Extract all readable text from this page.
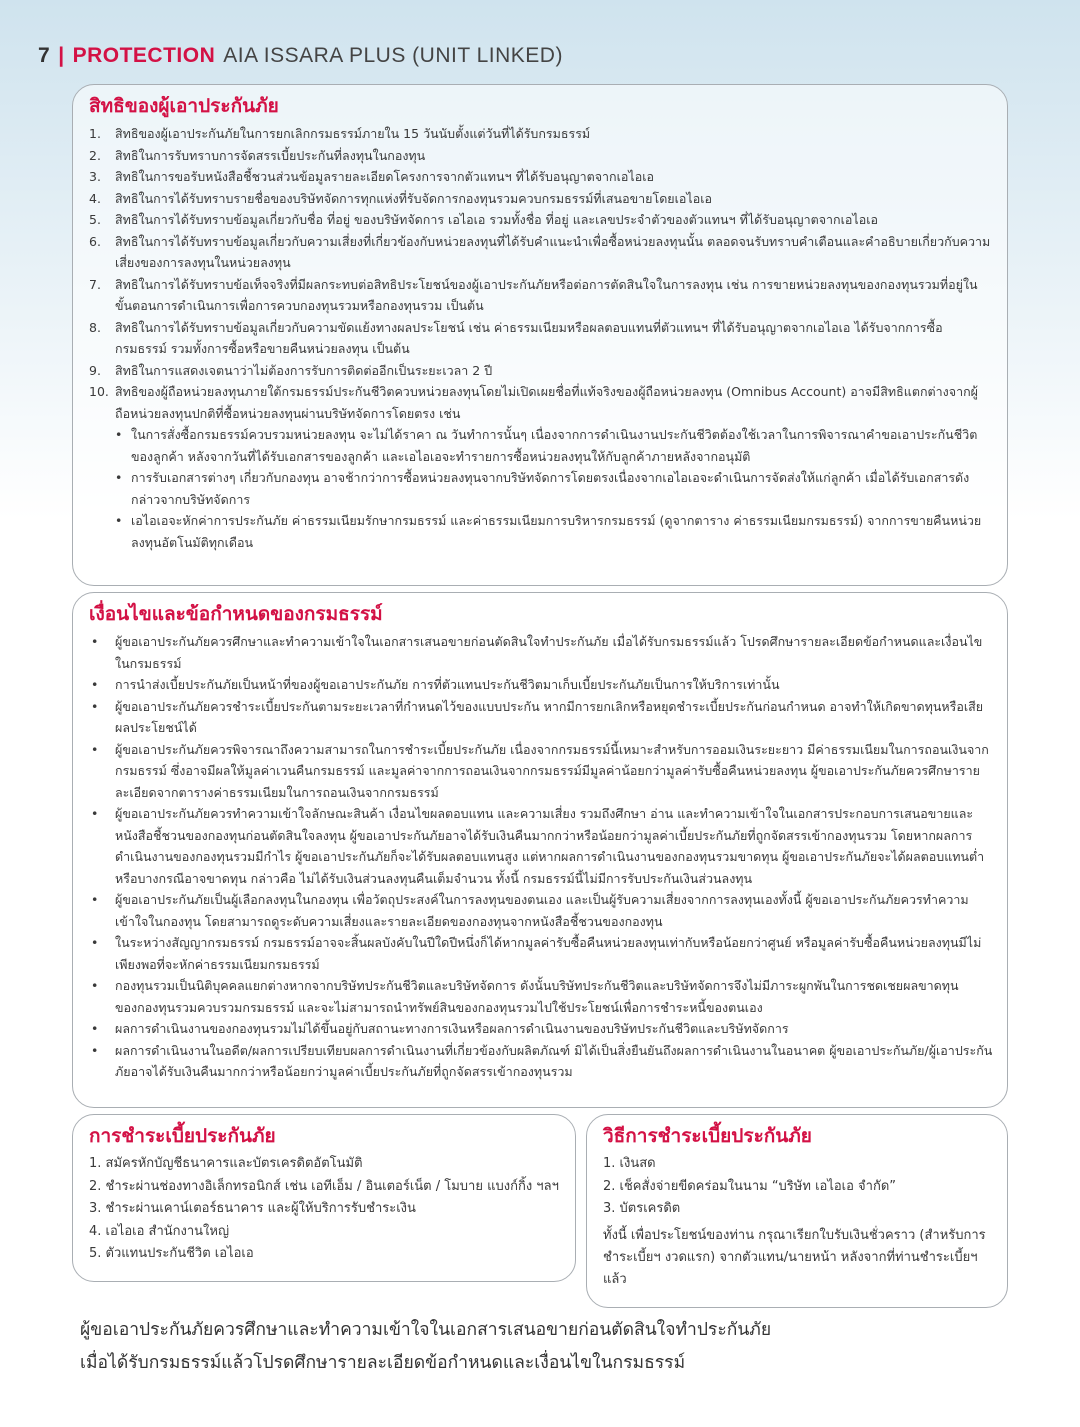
7 | PROTECTION AIA ISSARA PLUS (UNIT LINKED)
สิทธิของผู้เอาประกันภัย
1. สิทธิของผู้เอาประกันภัยในการยกเลิกกรมธรรม์ภายใน 15 วันนับตั้งแต่วันที่ได้รับกรมธรรม์
2. สิทธิในการรับทราบการจัดสรรเบี้ยประกันที่ลงทุนในกองทุน
3. สิทธิในการขอรับหนังสือชี้ชวนส่วนข้อมูลรายละเอียดโครงการจากตัวแทนฯ ที่ได้รับอนุญาตจากเอไอเอ
4. สิทธิในการได้รับทราบรายชื่อของบริษัทจัดการทุกแห่งที่รับจัดการกองทุนรวมควบกรมธรรม์ที่เสนอขายโดยเอไอเอ
5. สิทธิในการได้รับทราบข้อมูลเกี่ยวกับชื่อ ที่อยู่ ของบริษัทจัดการ เอไอเอ รวมทั้งชื่อ ที่อยู่ และเลขประจำตัวของตัวแทนฯ ที่ได้รับอนุญาตจากเอไอเอ
6. สิทธิในการได้รับทราบข้อมูลเกี่ยวกับความเสี่ยงที่เกี่ยวข้องกับหน่วยลงทุนที่ได้รับคำแนะนำเพื่อซื้อหน่วยลงทุนนั้น ตลอดจนรับทราบคำเตือนและคำอธิบายเกี่ยวกับความเสี่ยงของการลงทุนในหน่วยลงทุน
7. สิทธิในการได้รับทราบข้อเท็จจริงที่มีผลกระทบต่อสิทธิประโยชน์ของผู้เอาประกันภัยหรือต่อการตัดสินใจในการลงทุน เช่น การขายหน่วยลงทุนของกองทุนรวมที่อยู่ในขั้นตอนการดำเนินการเพื่อการควบกองทุนรวมหรือกองทุนรวม เป็นต้น
8. สิทธิในการได้รับทราบข้อมูลเกี่ยวกับความขัดแย้งทางผลประโยชน์ เช่น ค่าธรรมเนียมหรือผลตอบแทนที่ตัวแทนฯ ที่ได้รับอนุญาตจากเอไอเอ ได้รับจากการซื้อกรมธรรม์ รวมทั้งการซื้อหรือขายคืนหน่วยลงทุน เป็นต้น
9. สิทธิในการแสดงเจตนาว่าไม่ต้องการรับการติดต่ออีกเป็นระยะเวลา 2 ปี
10. สิทธิของผู้ถือหน่วยลงทุนภายใต้กรมธรรม์ประกันชีวิตควบหน่วยลงทุนโดยไม่เปิดเผยชื่อที่แท้จริงของผู้ถือหน่วยลงทุน (Omnibus Account) อาจมีสิทธิแตกต่างจากผู้ถือหน่วยลงทุนปกติที่ซื้อหน่วยลงทุนผ่านบริษัทจัดการโดยตรง เช่น
• ในการสั่งซื้อกรมธรรม์ควบรวมหน่วยลงทุน จะไม่ได้ราคา ณ วันทำการนั้นๆ เนื่องจากการดำเนินงานประกันชีวิตต้องใช้เวลาในการพิจารณาคำขอเอาประกันชีวิตของลูกค้า หลังจากวันที่ได้รับเอกสารของลูกค้า และเอไอเอจะทำรายการซื้อหน่วยลงทุนให้กับลูกค้าภายหลังจากอนุมัติ
• การรับเอกสารต่างๆ เกี่ยวกับกองทุน อาจช้ากว่าการซื้อหน่วยลงทุนจากบริษัทจัดการโดยตรงเนื่องจากเอไอเอจะดำเนินการจัดส่งให้แก่ลูกค้า เมื่อได้รับเอกสารดังกล่าวจากบริษัทจัดการ
• เอไอเอจะหักค่าการประกันภัย ค่าธรรมเนียมรักษากรมธรรม์ และค่าธรรมเนียมการบริหารกรมธรรม์ (ดูจากตาราง ค่าธรรมเนียมกรมธรรม์) จากการขายคืนหน่วยลงทุนอัตโนมัติทุกเดือน
เงื่อนไขและข้อกำหนดของกรมธรรม์
• ผู้ขอเอาประกันภัยควรศึกษาและทำความเข้าใจในเอกสารเสนอขายก่อนตัดสินใจทำประกันภัย เมื่อได้รับกรมธรรม์แล้ว โปรดศึกษารายละเอียดข้อกำหนดและเงื่อนไขในกรมธรรม์
• การนำส่งเบี้ยประกันภัยเป็นหน้าที่ของผู้ขอเอาประกันภัย การที่ตัวแทนประกันชีวิตมาเก็บเบี้ยประกันภัยเป็นการให้บริการเท่านั้น
• ผู้ขอเอาประกันภัยควรชำระเบี้ยประกันตามระยะเวลาที่กำหนดไว้ของแบบประกัน หากมีการยกเลิกหรือหยุดชำระเบี้ยประกันก่อนกำหนด อาจทำให้เกิดขาดทุนหรือเสียผลประโยชน์ได้
• ผู้ขอเอาประกันภัยควรพิจารณาถึงความสามารถในการชำระเบี้ยประกันภัย เนื่องจากกรมธรรม์นี้เหมาะสำหรับการออมเงินระยะยาว มีค่าธรรมเนียมในการถอนเงินจากกรมธรรม์ ซึ่งอาจมีผลให้มูลค่าเวนคืนกรมธรรม์ และมูลค่าจากการถอนเงินจากกรมธรรม์มีมูลค่าน้อยกว่ามูลค่ารับซื้อคืนหน่วยลงทุน ผู้ขอเอาประกันภัยควรศึกษารายละเอียดจากตารางค่าธรรมเนียมในการถอนเงินจากกรมธรรม์
• ผู้ขอเอาประกันภัยควรทำความเข้าใจลักษณะสินค้า เงื่อนไขผลตอบแทน และความเสี่ยง รวมถึงศึกษา อ่าน และทำความเข้าใจในเอกสารประกอบการเสนอขายและหนังสือชี้ชวนของกองทุนก่อนตัดสินใจลงทุน ผู้ขอเอาประกันภัยอาจได้รับเงินคืนมากกว่าหรือน้อยกว่ามูลค่าเบี้ยประกันภัยที่ถูกจัดสรรเข้ากองทุนรวม โดยหากผลการดำเนินงานของกองทุนรวมมีกำไร ผู้ขอเอาประกันภัยก็จะได้รับผลตอบแทนสูง แต่หากผลการดำเนินงานของกองทุนรวมขาดทุน ผู้ขอเอาประกันภัยจะได้ผลตอบแทนต่ำ หรือบางกรณีอาจขาดทุน กล่าวคือ ไม่ได้รับเงินส่วนลงทุนคืนเต็มจำนวน ทั้งนี้ กรมธรรม์นี้ไม่มีการรับประกันเงินส่วนลงทุน
• ผู้ขอเอาประกันภัยเป็นผู้เลือกลงทุนในกองทุน เพื่อวัตถุประสงค์ในการลงทุนของตนเอง และเป็นผู้รับความเสี่ยงจากการลงทุนเองทั้งนี้ ผู้ขอเอาประกันภัยควรทำความเข้าใจในกองทุน โดยสามารถดูระดับความเสี่ยงและรายละเอียดของกองทุนจากหนังสือชี้ชวนของกองทุน
• ในระหว่างสัญญากรมธรรม์ กรมธรรม์อาจจะสิ้นผลบังคับในปีใดปีหนึ่งก็ได้หากมูลค่ารับซื้อคืนหน่วยลงทุนเท่ากับหรือน้อยกว่าศูนย์ หรือมูลค่ารับซื้อคืนหน่วยลงทุนมีไม่เพียงพอที่จะหักค่าธรรมเนียมกรมธรรม์
• กองทุนรวมเป็นนิติบุคคลแยกต่างหากจากบริษัทประกันชีวิตและบริษัทจัดการ ดังนั้นบริษัทประกันชีวิตและบริษัทจัดการจึงไม่มีภาระผูกพันในการชดเชยผลขาดทุนของกองทุนรวมควบรวมกรมธรรม์ และจะไม่สามารถนำทรัพย์สินของกองทุนรวมไปใช้ประโยชน์เพื่อการชำระหนี้ของตนเอง
• ผลการดำเนินงานของกองทุนรวมไม่ได้ขึ้นอยู่กับสถานะทางการเงินหรือผลการดำเนินงานของบริษัทประกันชีวิตและบริษัทจัดการ
• ผลการดำเนินงานในอดีต/ผลการเปรียบเทียบผลการดำเนินงานที่เกี่ยวข้องกับผลิตภัณฑ์ มิได้เป็นสิ่งยืนยันถึงผลการดำเนินงานในอนาคต ผู้ขอเอาประกันภัย/ผู้เอาประกันภัยอาจได้รับเงินคืนมากกว่าหรือน้อยกว่ามูลค่าเบี้ยประกันภัยที่ถูกจัดสรรเข้ากองทุนรวม
การชำระเบี้ยประกันภัย
1. สมัครหักบัญชีธนาคารและบัตรเครดิตอัตโนมัติ
2. ชำระผ่านช่องทางอิเล็กทรอนิกส์ เช่น เอทีเอ็ม / อินเตอร์เน็ต / โมบาย แบงก์กิ้ง ฯลฯ
3. ชำระผ่านเคาน์เตอร์ธนาคาร และผู้ให้บริการรับชำระเงิน
4. เอไอเอ สำนักงานใหญ่
5. ตัวแทนประกันชีวิต เอไอเอ
วิธีการชำระเบี้ยประกันภัย
1. เงินสด
2. เช็คสั่งจ่ายขีดคร่อมในนาม “บริษัท เอไอเอ จำกัด”
3. บัตรเครดิต
ทั้งนี้ เพื่อประโยชน์ของท่าน กรุณาเรียกใบรับเงินชั่วคราว (สำหรับการชำระเบี้ยฯ งวดแรก) จากตัวแทน/นายหน้า หลังจากที่ท่านชำระเบี้ยฯ แล้ว
ผู้ขอเอาประกันภัยควรศึกษาและทำความเข้าใจในเอกสารเสนอขายก่อนตัดสินใจทำประกันภัย
เมื่อได้รับกรมธรรม์แล้วโปรดศึกษารายละเอียดข้อกำหนดและเงื่อนไขในกรมธรรม์
